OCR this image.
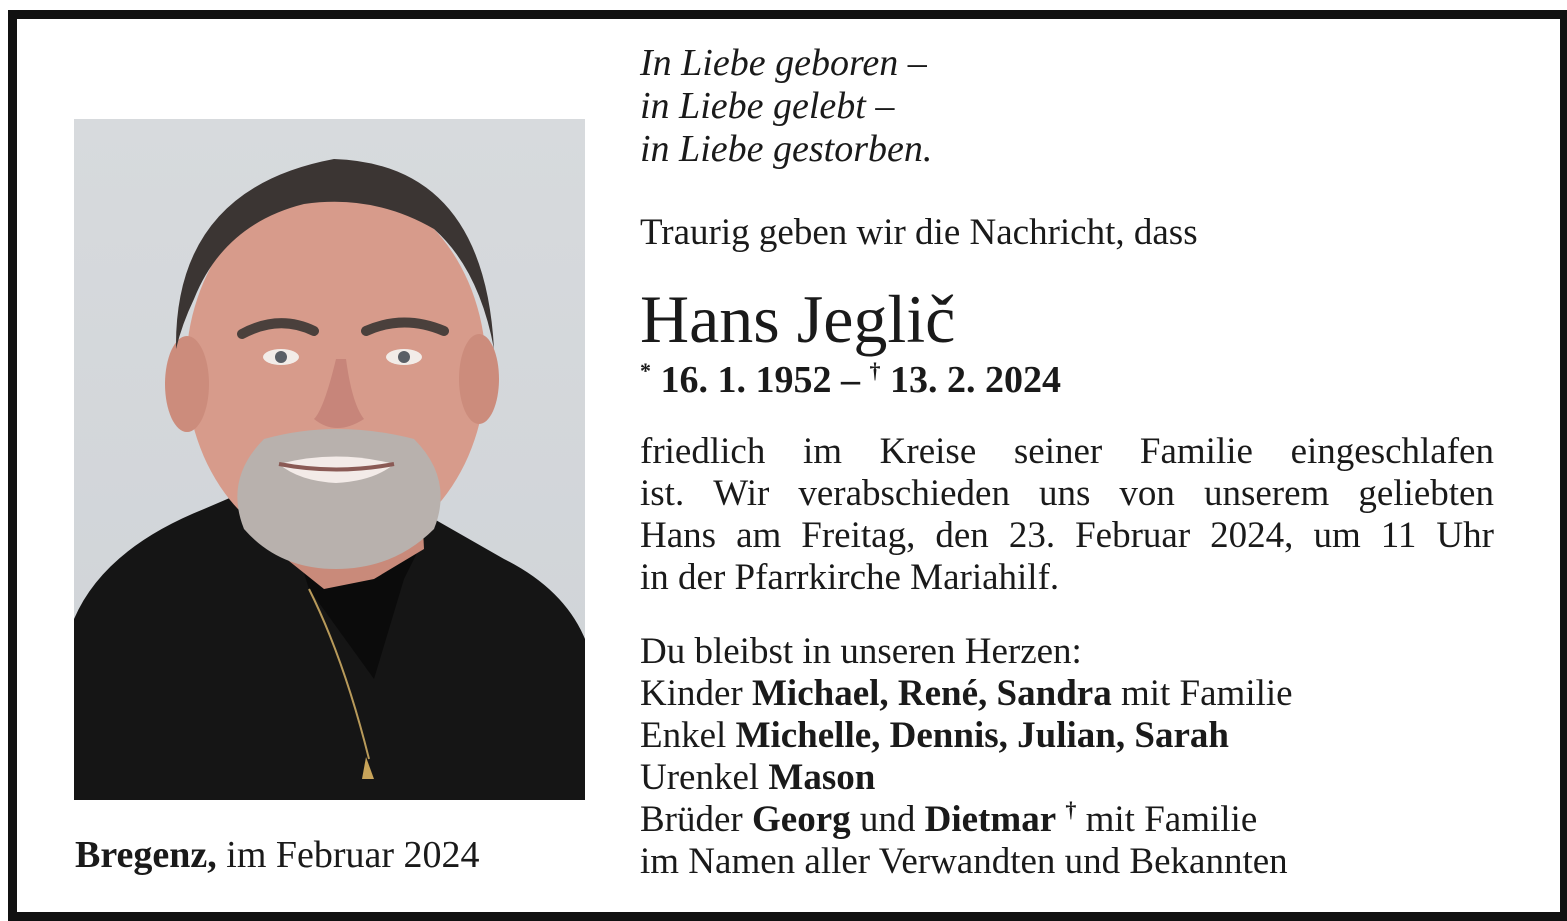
In Liebe geboren –
in Liebe gelebt –
in Liebe gestorben.
Traurig geben wir die Nachricht, dass
Hans Jeglič
* 16. 1. 1952 – † 13. 2. 2024
friedlich im Kreise seiner Familie eingeschlafen
ist. Wir verabschieden uns von unserem geliebten
Hans am Freitag, den 23. Februar 2024, um 11 Uhr
in der Pfarrkirche Mariahilf.
Du bleibst in unseren Herzen:
Kinder Michael, René, Sandra mit Familie
Enkel Michelle, Dennis, Julian, Sarah
Urenkel Mason
Brüder Georg und Dietmar † mit Familie
im Namen aller Verwandten und Bekannten
Bregenz, im Februar 2024
